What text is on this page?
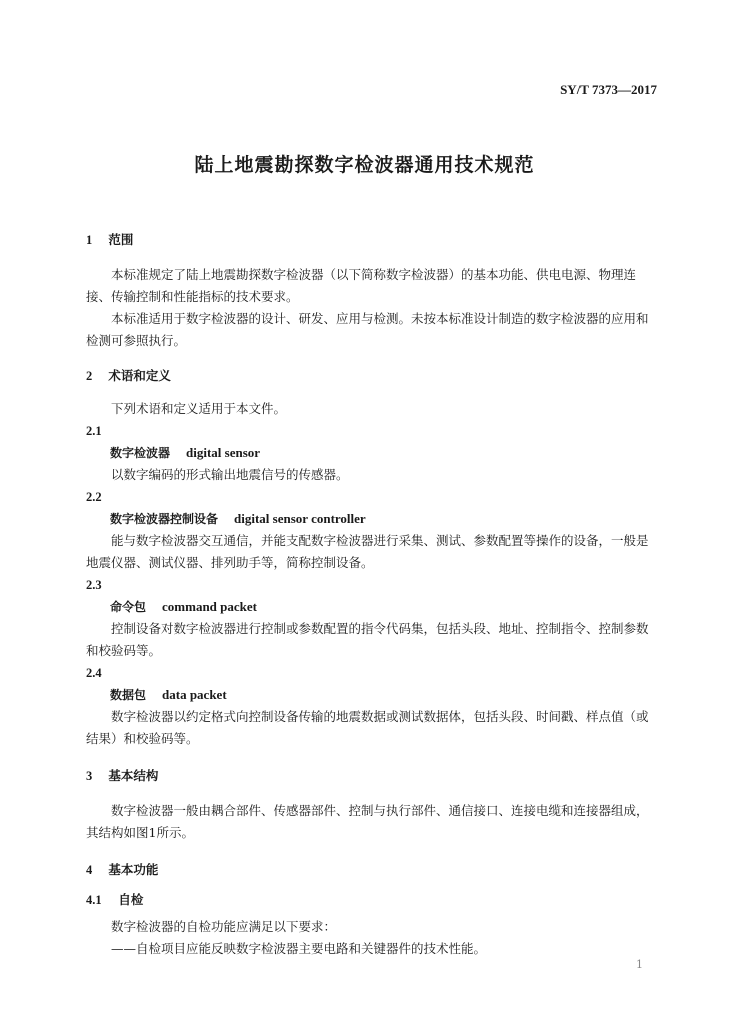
SY/T 7373—2017
陆上地震勘探数字检波器通用技术规范
1 范围

本标准规定了陆上地震勘探数字检波器（以下简称数字检波器）的基本功能、供电电源、物理连接、传输控制和性能指标的技术要求。

本标准适用于数字检波器的设计、研发、应用与检测。未按本标准设计制造的数字检波器的应用和检测可参照执行。

2 术语和定义

下列术语和定义适用于本文件。

2.1
数字检波器 digital sensor

以数字编码的形式输出地震信号的传感器。

2.2
数字检波器控制设备 digital sensor controller

能与数字检波器交互通信，并能支配数字检波器进行采集、测试、参数配置等操作的设备，一般是地震仪器、测试仪器、排列助手等，简称控制设备。

2.3
命令包 command packet

控制设备对数字检波器进行控制或参数配置的指令代码集，包括头段、地址、控制指令、控制参数和校验码等。

2.4
数据包 data packet

数字检波器以约定格式向控制设备传输的地震数据或测试数据体，包括头段、时间戳、样点值（或结果）和校验码等。

3 基本结构

数字检波器一般由耦合部件、传感器部件、控制与执行部件、通信接口、连接电缆和连接器组成，其结构如图1所示。

4 基本功能
4.1 自检

数字检波器的自检功能应满足以下要求：

——自检项目应能反映数字检波器主要电路和关键器件的技术性能。

1
